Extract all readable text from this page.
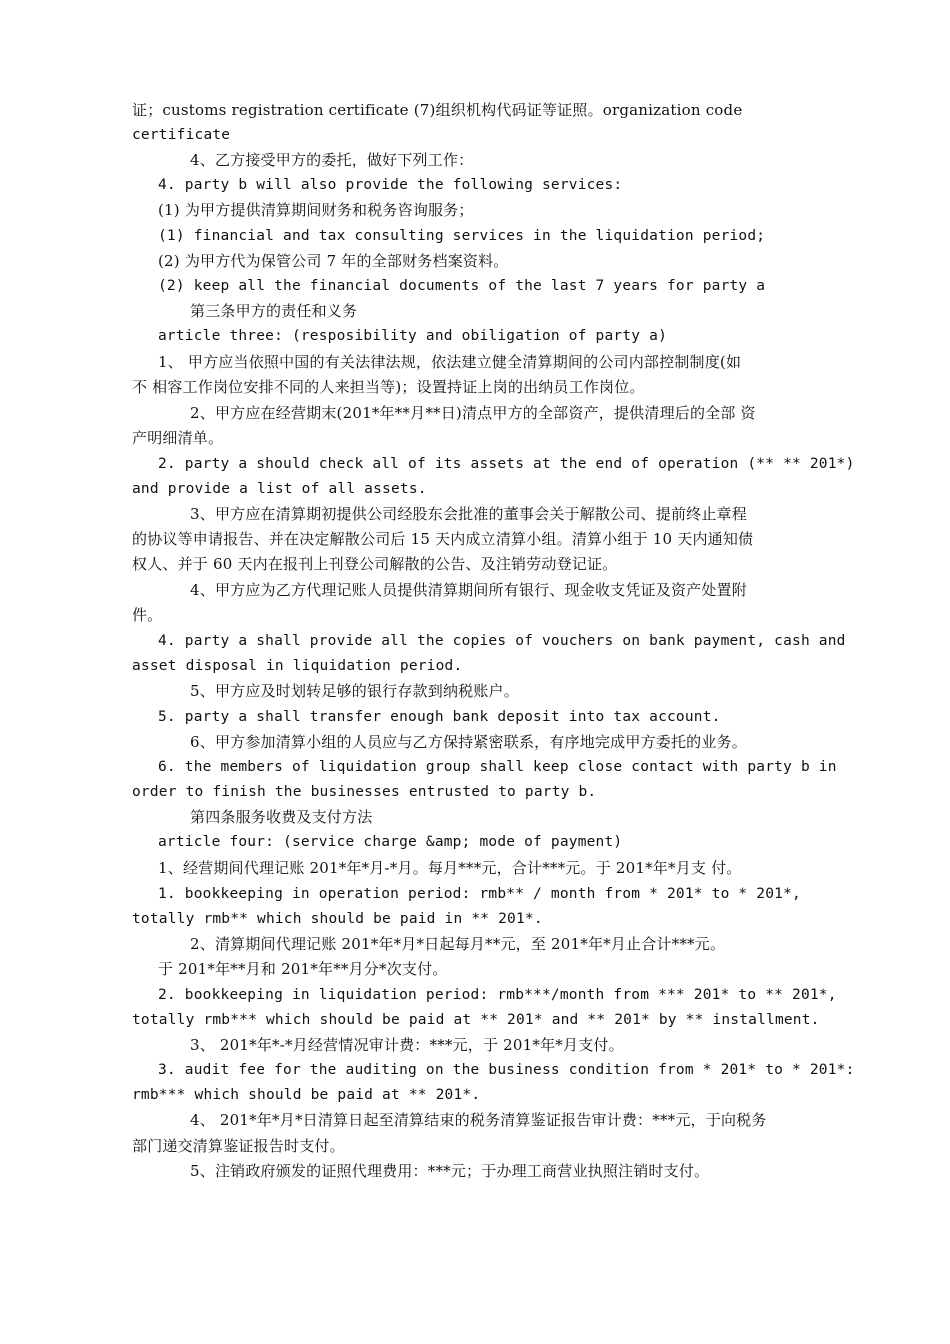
证；customs registration certificate (7)组织机构代码证等证照。organization code
certificate
4、乙方接受甲方的委托，做好下列工作：
4. party b will also provide the following services:
(1) 为甲方提供清算期间财务和税务咨询服务；
(1) financial and tax consulting services in the liquidation period;
(2) 为甲方代为保管公司 7 年的全部财务档案资料。
(2) keep all the financial documents of the last 7 years for party a
第三条甲方的责任和义务
article three: (resposibility and obiligation of party a)
1、 甲方应当依照中国的有关法律法规，依法建立健全清算期间的公司内部控制制度(如
不 相容工作岗位安排不同的人来担当等)；设置持证上岗的出纳员工作岗位。
2、甲方应在经营期末(201*年**月**日)清点甲方的全部资产，提供清理后的全部 资
产明细清单。
2. party a should check all of its assets at the end of operation (** ** 201*)
and provide a list of all assets.
3、甲方应在清算期初提供公司经股东会批准的董事会关于解散公司、提前终止章程
的协议等申请报告、并在决定解散公司后 15 天内成立清算小组。清算小组于 10 天内通知债
权人、并于 60 天内在报刊上刊登公司解散的公告、及注销劳动登记证。
4、甲方应为乙方代理记账人员提供清算期间所有银行、现金收支凭证及资产处置附
件。
4. party a shall provide all the copies of vouchers on bank payment, cash and
asset disposal in liquidation period.
5、甲方应及时划转足够的银行存款到纳税账户。
5. party a shall transfer enough bank deposit into tax account.
6、甲方参加清算小组的人员应与乙方保持紧密联系，有序地完成甲方委托的业务。
6. the members of liquidation group shall keep close contact with party b in
order to finish the businesses entrusted to party b.
第四条服务收费及支付方法
article four: (service charge &amp; mode of payment)
1、经营期间代理记账 201*年*月-*月。每月***元，合计***元。于 201*年*月支 付。
1. bookkeeping in operation period: rmb** / month from * 201* to * 201*,
totally rmb** which should be paid in ** 201*.
2、清算期间代理记账 201*年*月*日起每月**元，至 201*年*月止合计***元。
于 201*年**月和 201*年**月分*次支付。
2. bookkeeping in liquidation period: rmb***/month from *** 201* to ** 201*,
totally rmb*** which should be paid at ** 201* and ** 201* by ** installment.
3、 201*年*-*月经营情况审计费：***元，于 201*年*月支付。
3. audit fee for the auditing on the business condition from * 201* to * 201*:
rmb*** which should be paid at ** 201*.
4、 201*年*月*日清算日起至清算结束的税务清算鉴证报告审计费：***元，于向税务
部门递交清算鉴证报告时支付。
5、注销政府颁发的证照代理费用：***元；于办理工商营业执照注销时支付。
